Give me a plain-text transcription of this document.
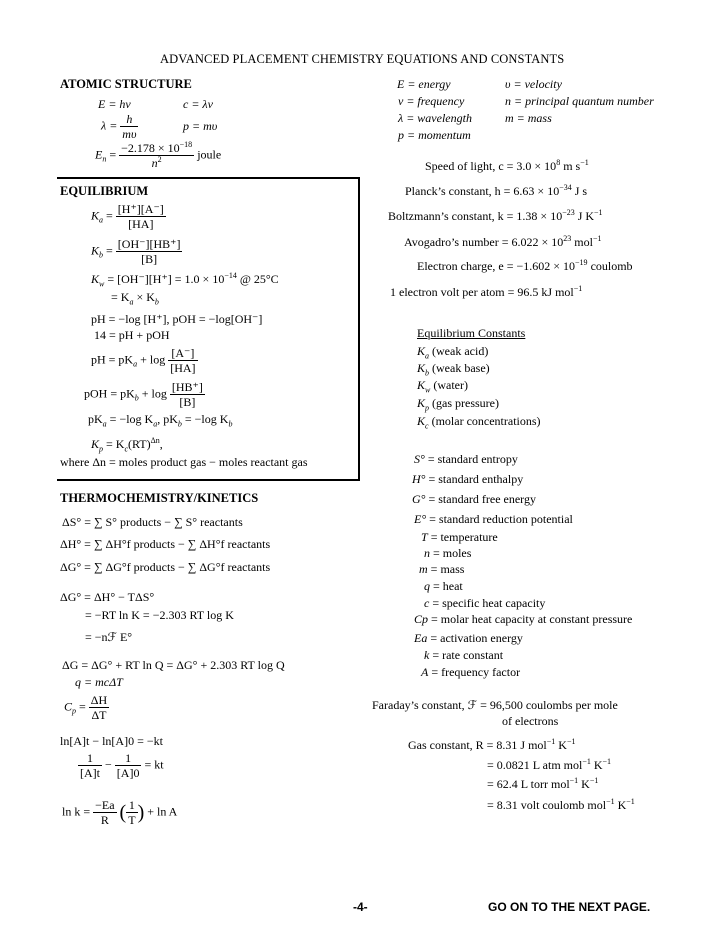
ADVANCED PLACEMENT CHEMISTRY EQUATIONS AND CONSTANTS
ATOMIC STRUCTURE
E = hν	c = λν
$\lambda = \frac{h}{m\upsilon}$	p = mυ
$E_n = \frac{-2.178 \times 10^{-18}}{n^2}$ joule
E = energy	υ = velocity
ν = frequency	n = principal quantum number
λ = wavelength	m = mass
p = momentum
Speed of light, $c = 3.0 \times 10^8$ m $s^{-1}$
Planck’s constant, $h = 6.63 \times 10^{-34}$ J s
Boltzmann’s constant, $k = 1.38 \times 10^{-23}$ J $K^{-1}$
Avogadro’s number = $6.022 \times 10^{23}$ mol$^{-1}$
Electron charge, $e = -1.602 \times 10^{-19}$ coulomb
1 electron volt per atom = 96.5 kJ mol$^{-1}$
EQUILIBRIUM
$K_a = \frac{[H^+][A^-]}{[HA]}$
$K_b = \frac{[OH^-][HB^+]}{[B]}$
$K_w = [OH^-][H^+] = 1.0 \times 10^{-14}$ @ 25°C
= $K_a \times K_b$
pH = −log [H⁺], pOH = −log[OH⁻]
14 = pH + pOH
pH = $pK_a + \log \frac{[A^-]}{[HA]}$
pOH = $pK_b + \log \frac{[HB^+]}{[B]}$
$pK_a = -\log$ $K_a$, $pK_b = -\log$ $K_b$
$K_p = K_c(RT)^{\Delta n}$,
where Δn = moles product gas − moles reactant gas
Equilibrium Constants
$K_a$ (weak acid)
$K_b$ (weak base)
$K_w$ (water)
$K_p$ (gas pressure)
$K_c$ (molar concentrations)
S° = standard entropy
H° = standard enthalpy
G° = standard free energy
E° = standard reduction potential
T = temperature
n = moles
m = mass
q = heat
c = specific heat capacity
Cp = molar heat capacity at constant pressure
Ea = activation energy
k = rate constant
A = frequency factor
THERMOCHEMISTRY/KINETICS
ΔS° = ∑ S° products − ∑ S° reactants
ΔH° = ∑ ΔH°f products − ∑ ΔH°f reactants
ΔG° = ∑ ΔG°f products − ∑ ΔG°f reactants
ΔG° = ΔH° − TΔS°
= −RT ln K = −2.303 RT log K
= −nℱ E°
ΔG = ΔG° + RT ln Q = ΔG° + 2.303 RT log Q
q = mcΔT
$C_p = \frac{\Delta H}{\Delta T}$
ln[A]t − ln[A]0 = −kt
$\frac{1}{[A]t} - \frac{1}{[A]0}$ = kt
$\ln k = \frac{-Ea}{R}$ ( $\frac{1}{T}$ ) + ln A
Faraday’s constant, ℱ = 96,500 coulombs per mole
of electrons
Gas constant, R = 8.31 J mol$^{-1}$ $K^{-1}$
= 0.0821 L atm mol$^{-1}$ $K^{-1}$
= 62.4 L torr mol$^{-1}$ $K^{-1}$
= 8.31 volt coulomb mol$^{-1}$ $K^{-1}$
-4-	GO ON TO THE NEXT PAGE.
